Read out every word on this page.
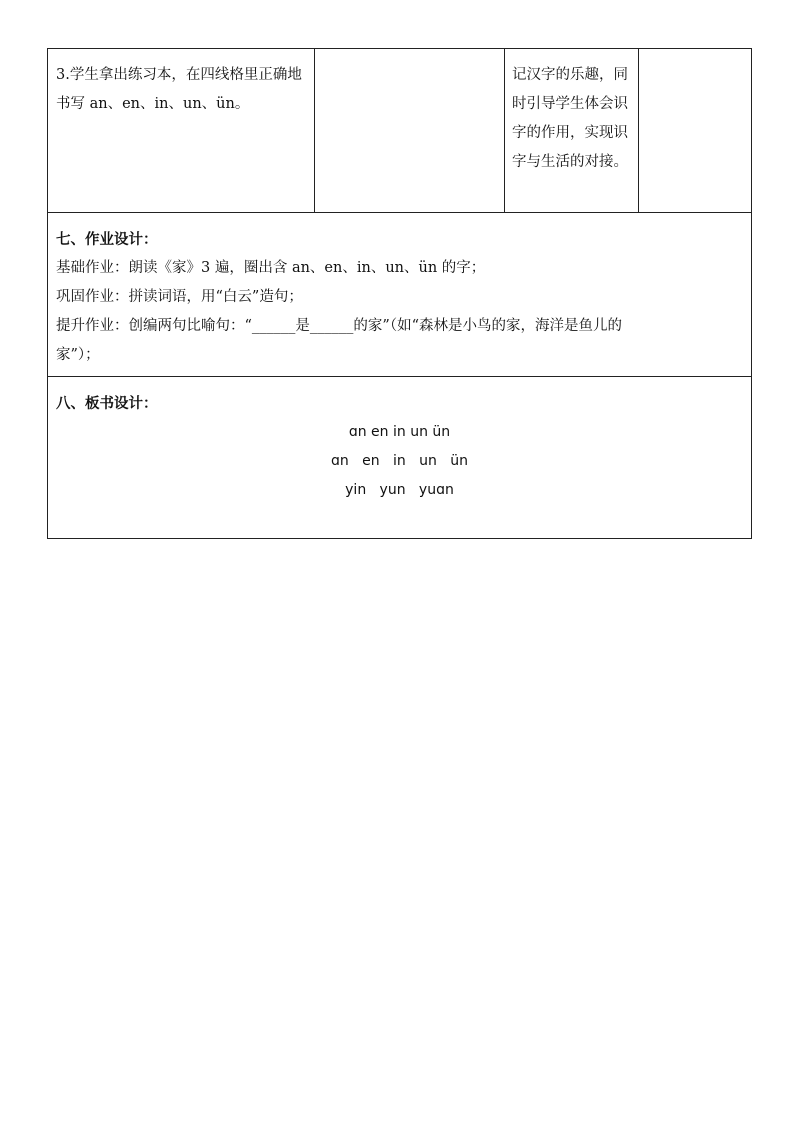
3.学生拿出练习本，在四线格里正确地书写 an、en、in、un、ün。
记汉字的乐趣，同时引导学生体会识字的作用，实现识字与生活的对接。
七、作业设计：
基础作业：朗读《家》3 遍，圈出含 an、en、in、un、ün 的字；
巩固作业：拼读词语，用“白云”造句；
提升作业：创编两句比喻句：“______是______的家”（如“森林是小鸟的家，海洋是鱼儿的
家”）；
八、板书设计：
ɑn en in un ün
ɑn   en   in   un   ün
yin   yun   yuɑn
